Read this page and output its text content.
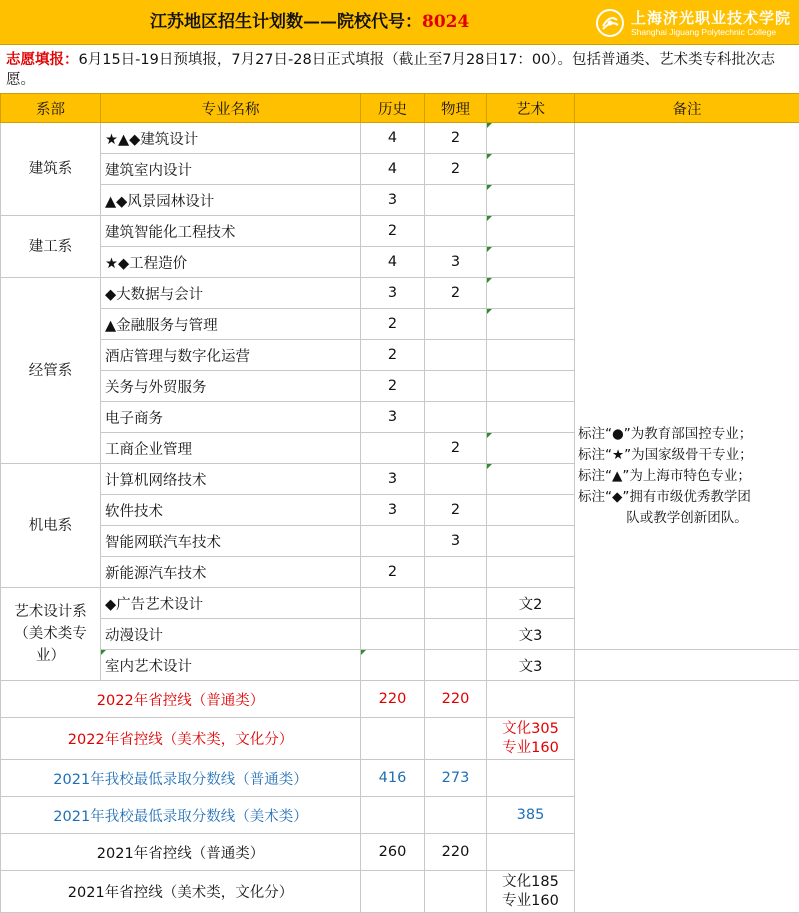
江苏地区招生计划数——院校代号：8024	上海济光职业技术学院
Shanghai Jiguang Polytechnic College
志愿填报：6月15日-19日预填报，7月27日-28日正式填报（截止至7月28日17：00）。包括普通类、艺术类专科批次志愿。
系部	专业名称	历史	物理	艺术	备注
建筑系	★▲◆建筑设计	4	2		标注“●”为教育部国控专业；
标注“★”为国家级骨干专业；
标注“▲”为上海市特色专业；
标注“◆”拥有市级优秀教学团
队或教学创新团队。

	建筑室内设计	4	2		
	▲◆风景园林设计	3			
建工系	建筑智能化工程技术	2			
	★◆工程造价	4	3		
经管系	◆大数据与会计	3	2		
	▲金融服务与管理	2			
	酒店管理与数字化运营	2			
	关务与外贸服务	2			
	电子商务	3			
	工商企业管理		2		
机电系	计算机网络技术	3			
	软件技术	3	2		
	智能网联汽车技术		3		
	新能源汽车技术	2			

艺术设计系
（美术类专
业）	◆广告艺术设计			文2	
	动漫设计			文3	
	室内艺术设计			文3	
2022年省控线（普通类）		220	220		
2022年省控线（美术类，文化分）				文化305
专业160	

2021年我校最低录取分数线（普通类）		416	273		
2021年我校最低录取分数线（美术类）				385	
2021年省控线（普通类）		260	220		
2021年省控线（美术类，文化分）				文化185
专业160	
